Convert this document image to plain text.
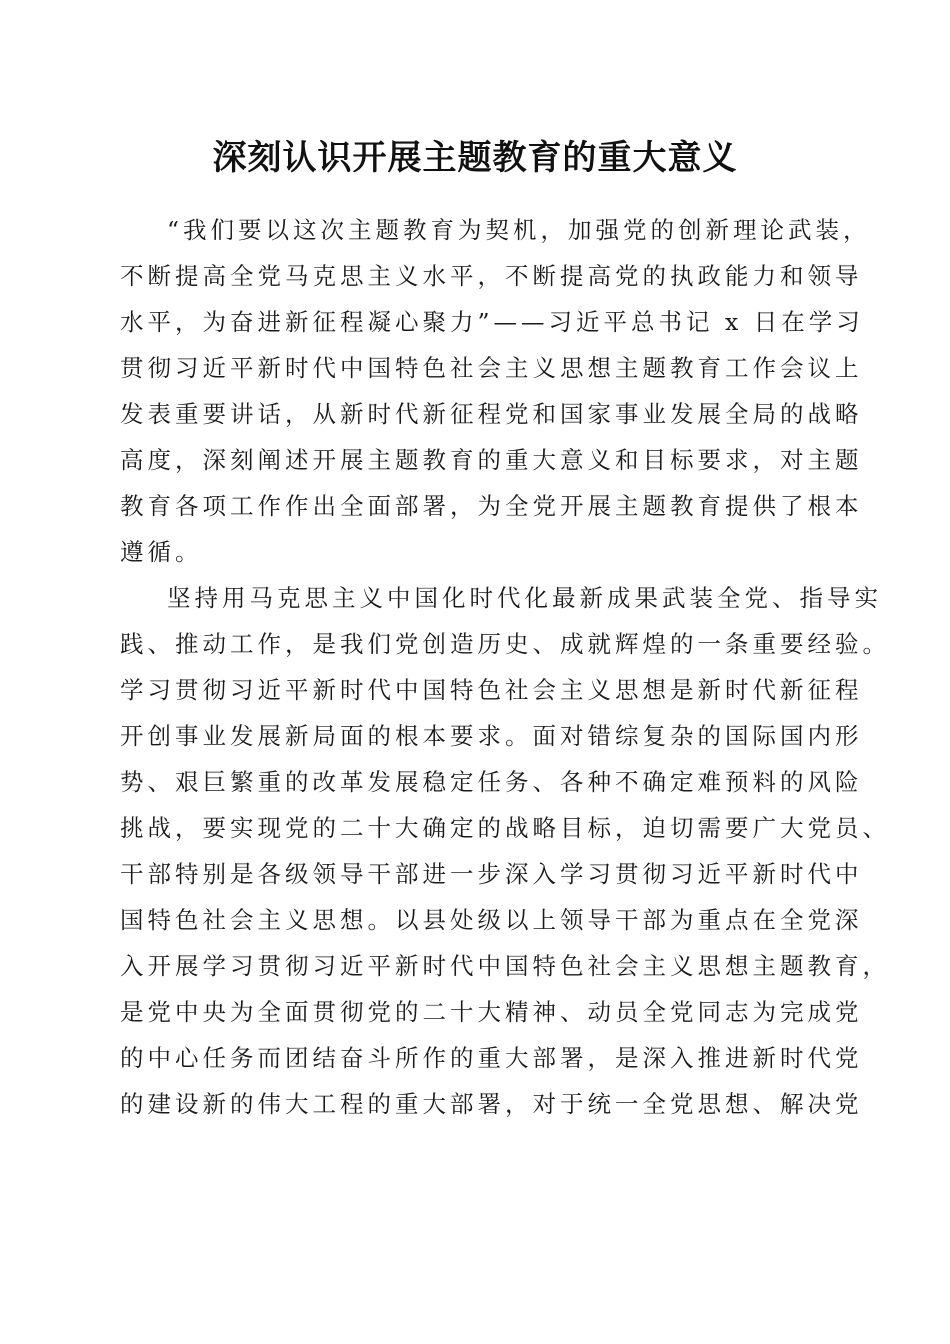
深刻认识开展主题教育的重大意义
“我们要以这次主题教育为契机，加强党的创新理论武装，
不断提高全党马克思主义水平，不断提高党的执政能力和领导
水平，为奋进新征程凝心聚力”——习近平总书记 x 日在学习
贯彻习近平新时代中国特色社会主义思想主题教育工作会议上
发表重要讲话，从新时代新征程党和国家事业发展全局的战略
高度，深刻阐述开展主题教育的重大意义和目标要求，对主题
教育各项工作作出全面部署，为全党开展主题教育提供了根本
遵循。
坚持用马克思主义中国化时代化最新成果武装全党、指导实
践、推动工作，是我们党创造历史、成就辉煌的一条重要经验。
学习贯彻习近平新时代中国特色社会主义思想是新时代新征程
开创事业发展新局面的根本要求。面对错综复杂的国际国内形
势、艰巨繁重的改革发展稳定任务、各种不确定难预料的风险
挑战，要实现党的二十大确定的战略目标，迫切需要广大党员、
干部特别是各级领导干部进一步深入学习贯彻习近平新时代中
国特色社会主义思想。以县处级以上领导干部为重点在全党深
入开展学习贯彻习近平新时代中国特色社会主义思想主题教育，
是党中央为全面贯彻党的二十大精神、动员全党同志为完成党
的中心任务而团结奋斗所作的重大部署，是深入推进新时代党
的建设新的伟大工程的重大部署，对于统一全党思想、解决党
